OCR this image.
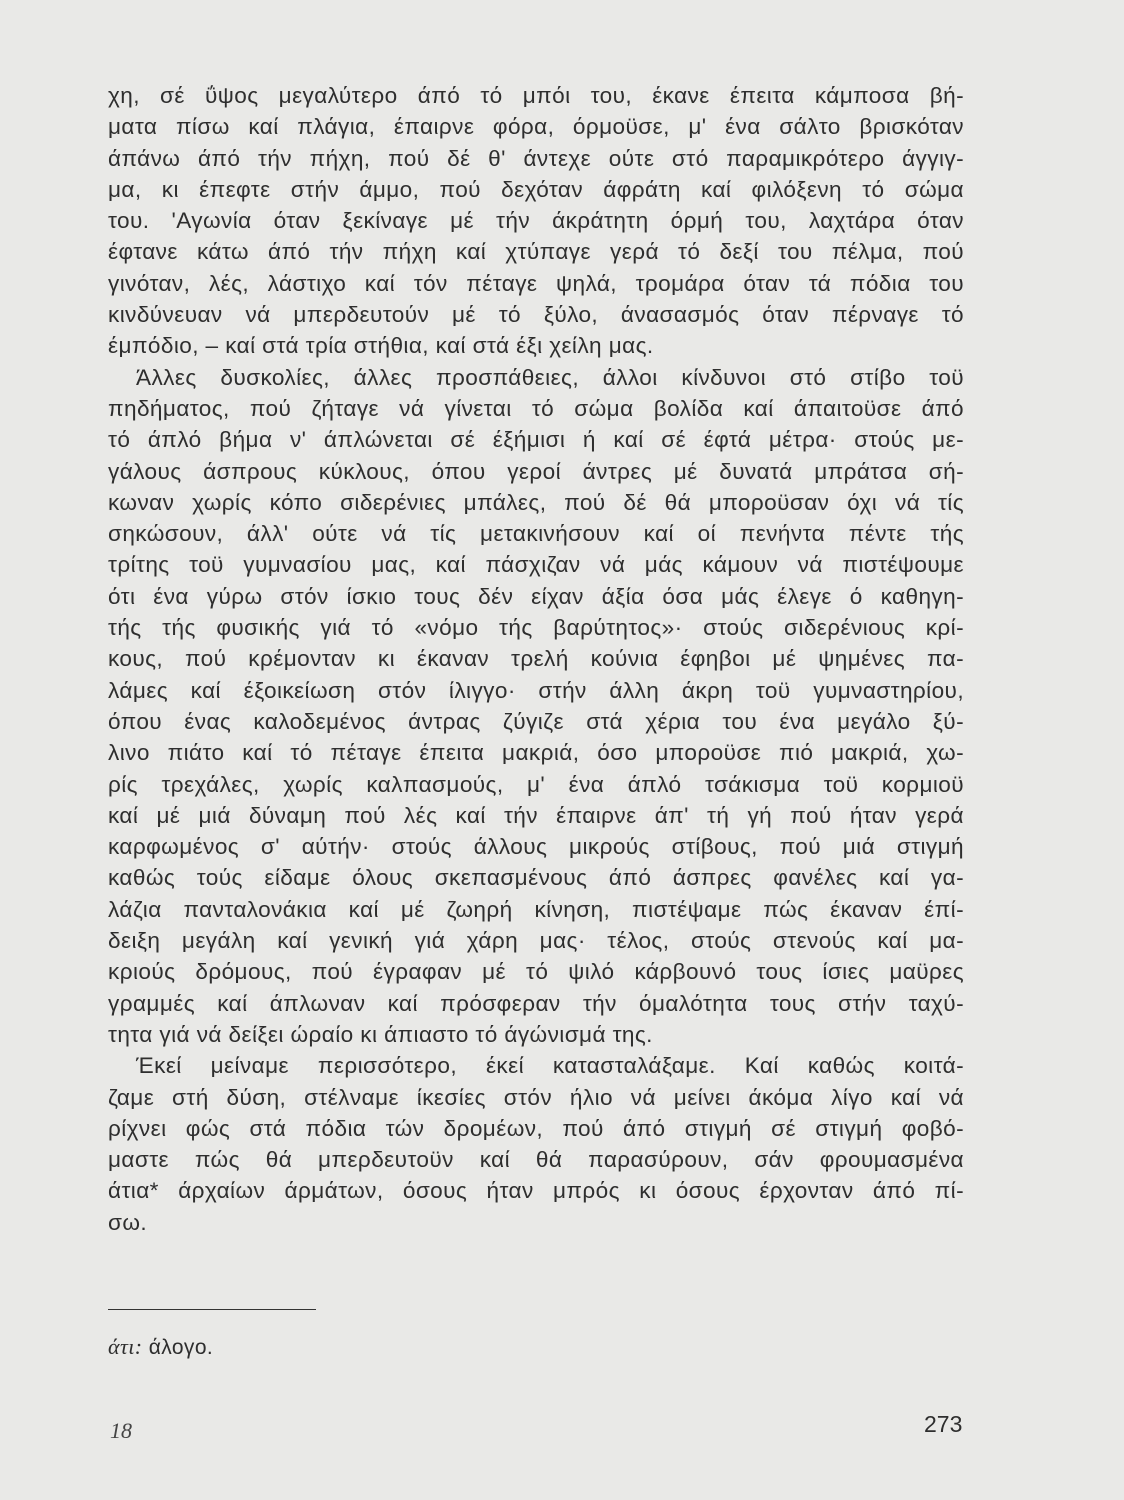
χη, σέ ΰψος μεγαλύτερο άπό τό μπόι του, έκανε έπειτα κάμποσα βή-
ματα πίσω καί πλάγια, έπαιρνε φόρα, όρμοϋσε, μ' ένα σάλτο βρισκόταν
άπάνω άπό τήν πήχη, πού δέ θ' άντεχε ούτε στό παραμικρότερο άγγιγ-
μα, κι έπεφτε στήν άμμο, πού δεχόταν άφράτη καί φιλόξενη τό σώμα
του. 'Αγωνία όταν ξεκίναγε μέ τήν άκράτητη όρμή του, λαχτάρα όταν
έφτανε κάτω άπό τήν πήχη καί χτύπαγε γερά τό δεξί του πέλμα, πού
γινόταν, λές, λάστιχο καί τόν πέταγε ψηλά, τρομάρα όταν τά πόδια του
κινδύνευαν νά μπερδευτούν μέ τό ξύλο, άνασασμός όταν πέρναγε τό
έμπόδιο, – καί στά τρία στήθια, καί στά έξι χείλη μας.
Άλλες δυσκολίες, άλλες προσπάθειες, άλλοι κίνδυνοι στό στίβο τοϋ
πηδήματος, πού ζήταγε νά γίνεται τό σώμα βολίδα καί άπαιτοϋσε άπό
τό άπλό βήμα ν' άπλώνεται σέ έξήμισι ή καί σέ έφτά μέτρα· στούς με-
γάλους άσπρους κύκλους, όπου γεροί άντρες μέ δυνατά μπράτσα σή-
κωναν χωρίς κόπο σιδερένιες μπάλες, πού δέ θά μποροϋσαν όχι νά τίς
σηκώσουν, άλλ' ούτε νά τίς μετακινήσουν καί οί πενήντα πέντε τής
τρίτης τοϋ γυμνασίου μας, καί πάσχιζαν νά μάς κάμουν νά πιστέψουμε
ότι ένα γύρω στόν ίσκιο τους δέν είχαν άξία όσα μάς έλεγε ό καθηγη-
τής τής φυσικής γιά τό «νόμο τής βαρύτητος»· στούς σιδερένιους κρί-
κους, πού κρέμονταν κι έκαναν τρελή κούνια έφηβοι μέ ψημένες πα-
λάμες καί έξοικείωση στόν ίλιγγο· στήν άλλη άκρη τοϋ γυμναστηρίου,
όπου ένας καλοδεμένος άντρας ζύγιζε στά χέρια του ένα μεγάλο ξύ-
λινο πιάτο καί τό πέταγε έπειτα μακριά, όσο μποροϋσε πιό μακριά, χω-
ρίς τρεχάλες, χωρίς καλπασμούς, μ' ένα άπλό τσάκισμα τοϋ κορμιοϋ
καί μέ μιά δύναμη πού λές καί τήν έπαιρνε άπ' τή γή πού ήταν γερά
καρφωμένος σ' αύτήν· στούς άλλους μικρούς στίβους, πού μιά στιγμή
καθώς τούς είδαμε όλους σκεπασμένους άπό άσπρες φανέλες καί γα-
λάζια πανταλονάκια καί μέ ζωηρή κίνηση, πιστέψαμε πώς έκαναν έπί-
δειξη μεγάλη καί γενική γιά χάρη μας· τέλος, στούς στενούς καί μα-
κριούς δρόμους, πού έγραφαν μέ τό ψιλό κάρβουνό τους ίσιες μαϋρες
γραμμές καί άπλωναν καί πρόσφεραν τήν όμαλότητα τους στήν ταχύ-
τητα γιά νά δείξει ώραίο κι άπιαστο τό άγώνισμά της.
Έκεί μείναμε περισσότερο, έκεί κατασταλάξαμε. Καί καθώς κοιτά-
ζαμε στή δύση, στέλναμε ίκεσίες στόν ήλιο νά μείνει άκόμα λίγο καί νά
ρίχνει φώς στά πόδια τών δρομέων, πού άπό στιγμή σέ στιγμή φοβό-
μαστε πώς θά μπερδευτοϋν καί θά παρασύρουν, σάν φρουμασμένα
άτια* άρχαίων άρμάτων, όσους ήταν μπρός κι όσους έρχονταν άπό πί-
σω.
άτι: άλογο.
18	273
